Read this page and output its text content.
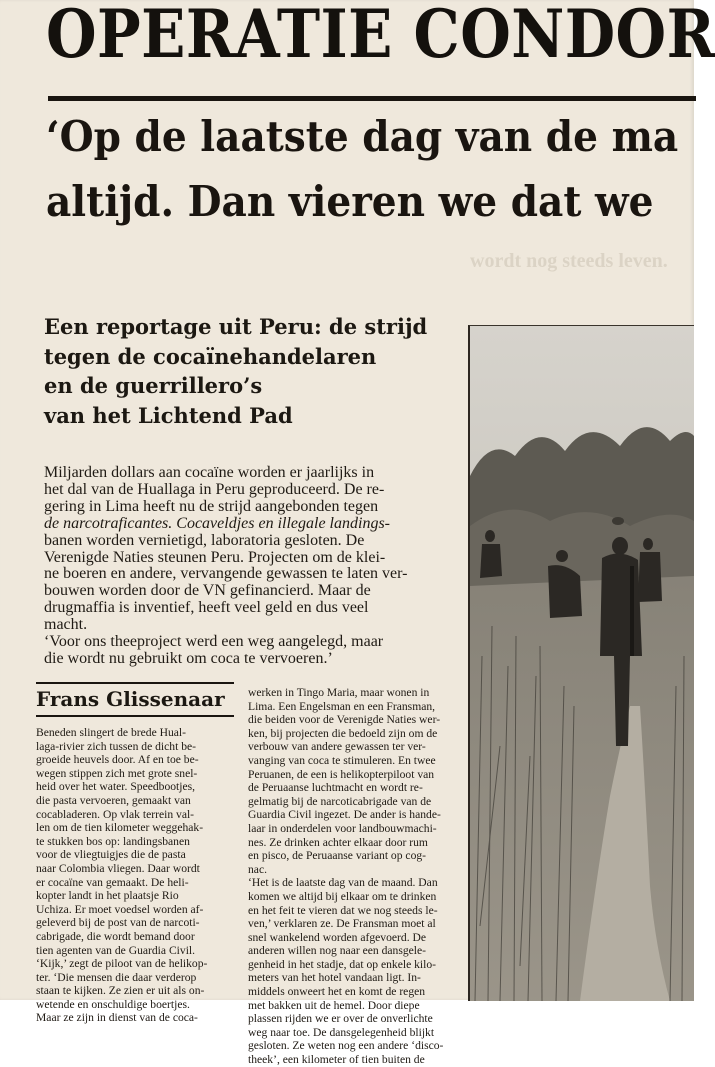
OPERATIE CONDOR
‘Op de laatste dag van de ma
altijd. Dan vieren we dat we
wordt nog steeds leven.
Een reportage uit Peru: de strijd
tegen de cocaïnehandelaren
en de guerrillero’s
van het Lichtend Pad

Miljarden dollars aan cocaïne worden er jaarlijks in
het dal van de Huallaga in Peru geproduceerd. De re-
gering in Lima heeft nu de strijd aangebonden tegen
de narcotraficantes. Cocaveldjes en illegale landings-
banen worden vernietigd, laboratoria gesloten. De
Verenigde Naties steunen Peru. Projecten om de klei-
ne boeren en andere, vervangende gewassen te laten ver-
bouwen worden door de VN gefinancierd. Maar de
drugmaffia is inventief, heeft veel geld en dus veel
macht.
‘Voor ons theeproject werd een weg aangelegd, maar
die wordt nu gebruikt om coca te vervoeren.’

Frans Glissenaar
Beneden slingert de brede Hual-
laga-rivier zich tussen de dicht be-
groeide heuvels door. Af en toe be-
wegen stippen zich met grote snel-
heid over het water. Speedbootjes,
die pasta vervoeren, gemaakt van
cocabladeren. Op vlak terrein val-
len om de tien kilometer weggehak-
te stukken bos op: landingsbanen
voor de vliegtuigjes die de pasta
naar Colombia vliegen. Daar wordt
er cocaïne van gemaakt. De heli-
kopter landt in het plaatsje Rio
Uchiza. Er moet voedsel worden af-
geleverd bij de post van de narcoti-
cabrigade, die wordt bemand door
tien agenten van de Guardia Civil.
‘Kijk,’ zegt de piloot van de helikop-
ter. ‘Die mensen die daar verderop
staan te kijken. Ze zien er uit als on-
wetende en onschuldige boertjes.
Maar ze zijn in dienst van de coca-
werken in Tingo Maria, maar wonen in
Lima. Een Engelsman en een Fransman,
die beiden voor de Verenigde Naties wer-
ken, bij projecten die bedoeld zijn om de
verbouw van andere gewassen ter ver-
vanging van coca te stimuleren. En twee
Peruanen, de een is helikopterpiloot van
de Peruaanse luchtmacht en wordt re-
gelmatig bij de narcoticabrigade van de
Guardia Civil ingezet. De ander is hande-
laar in onderdelen voor landbouwmachi-
nes. Ze drinken achter elkaar door rum
en pisco, de Peruaanse variant op cog-
nac.
‘Het is de laatste dag van de maand. Dan
komen we altijd bij elkaar om te drinken
en het feit te vieren dat we nog steeds le-
ven,’ verklaren ze. De Fransman moet al
snel wankelend worden afgevoerd. De
anderen willen nog naar een dansgele-
genheid in het stadje, dat op enkele kilo-
meters van het hotel vandaan ligt. In-
middels onweert het en komt de regen
met bakken uit de hemel. Door diepe
plassen rijden we er over de onverlichte
weg naar toe. De dansgelegenheid blijkt
gesloten. Ze weten nog een andere ‘disco-
theek’, een kilometer of tien buiten de
